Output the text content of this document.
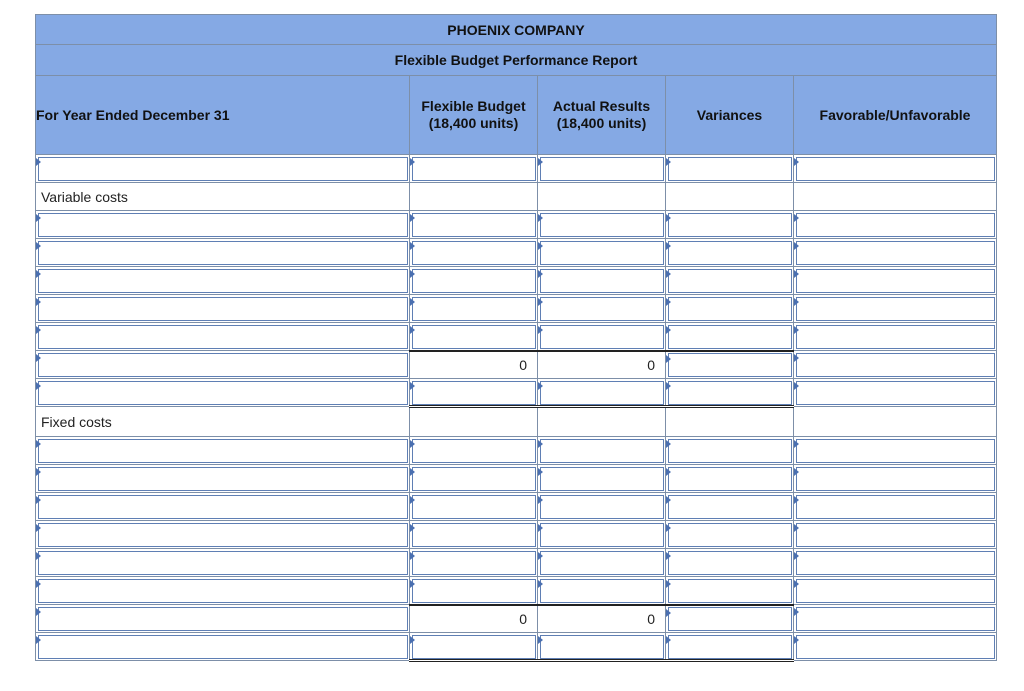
PHOENIX COMPANY				
Flexible Budget Performance Report				
For Year Ended December 31	Flexible Budget (18,400 units)	Actual Results (18,400 units)	Variances	Favorable/Unfavorable

Variable costs				

	0	0		

Fixed costs				

	0	0		
